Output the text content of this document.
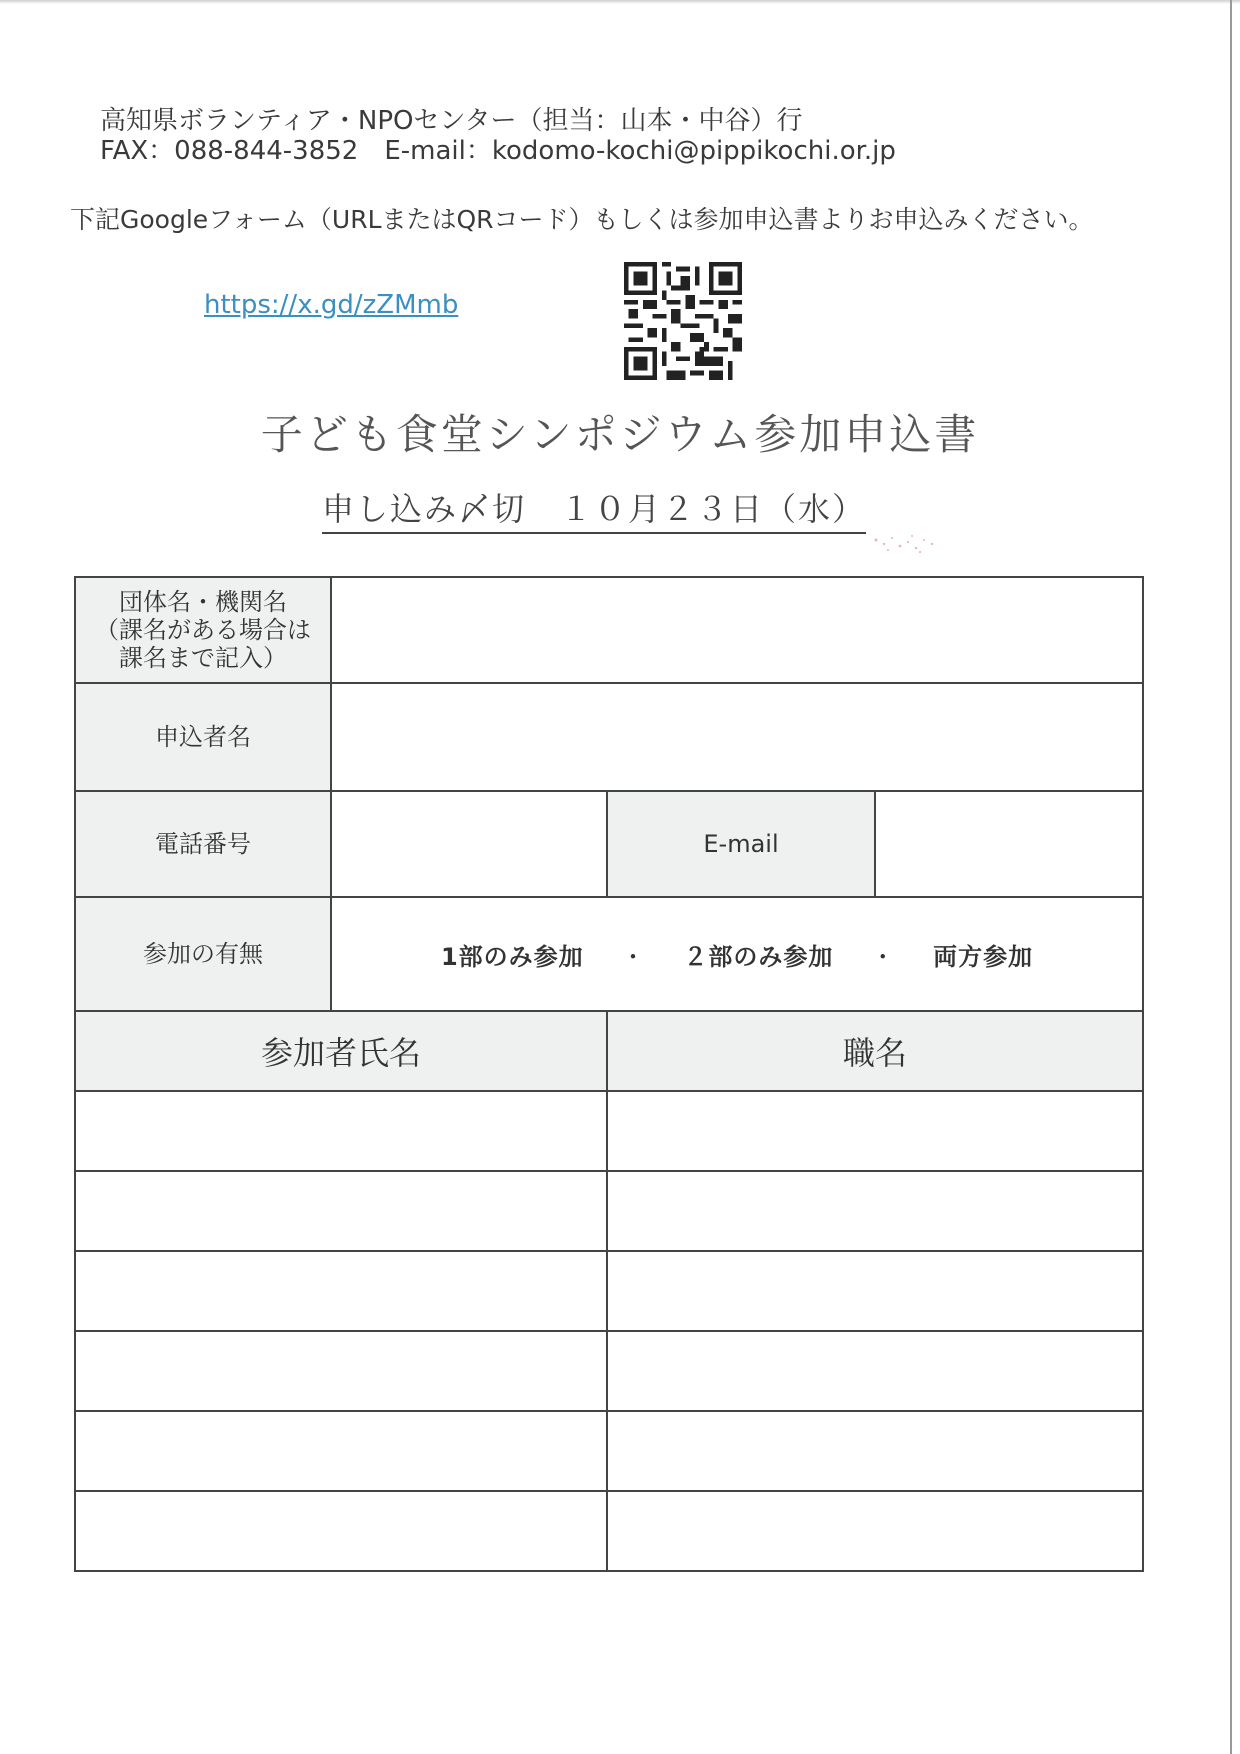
高知県ボランティア・NPOセンター（担当：山本・中谷）行
FAX：088-844-3852　E-mail：kodomo-kochi@pippikochi.or.jp
下記Googleフォーム（URLまたはQRコード）もしくは参加申込書よりお申込みください。
https://x.gd/zZMmb
子ども食堂シンポジウム参加申込書
申し込み〆切　１０月２３日（水）
団体名・機関名
（課名がある場合は
課名まで記入）			

申込者名			
電話番号		E-mail	
参加の有無	1部のみ参加 ・ ２部のみ参加 ・ 両方参加		
参加者氏名		職名	
